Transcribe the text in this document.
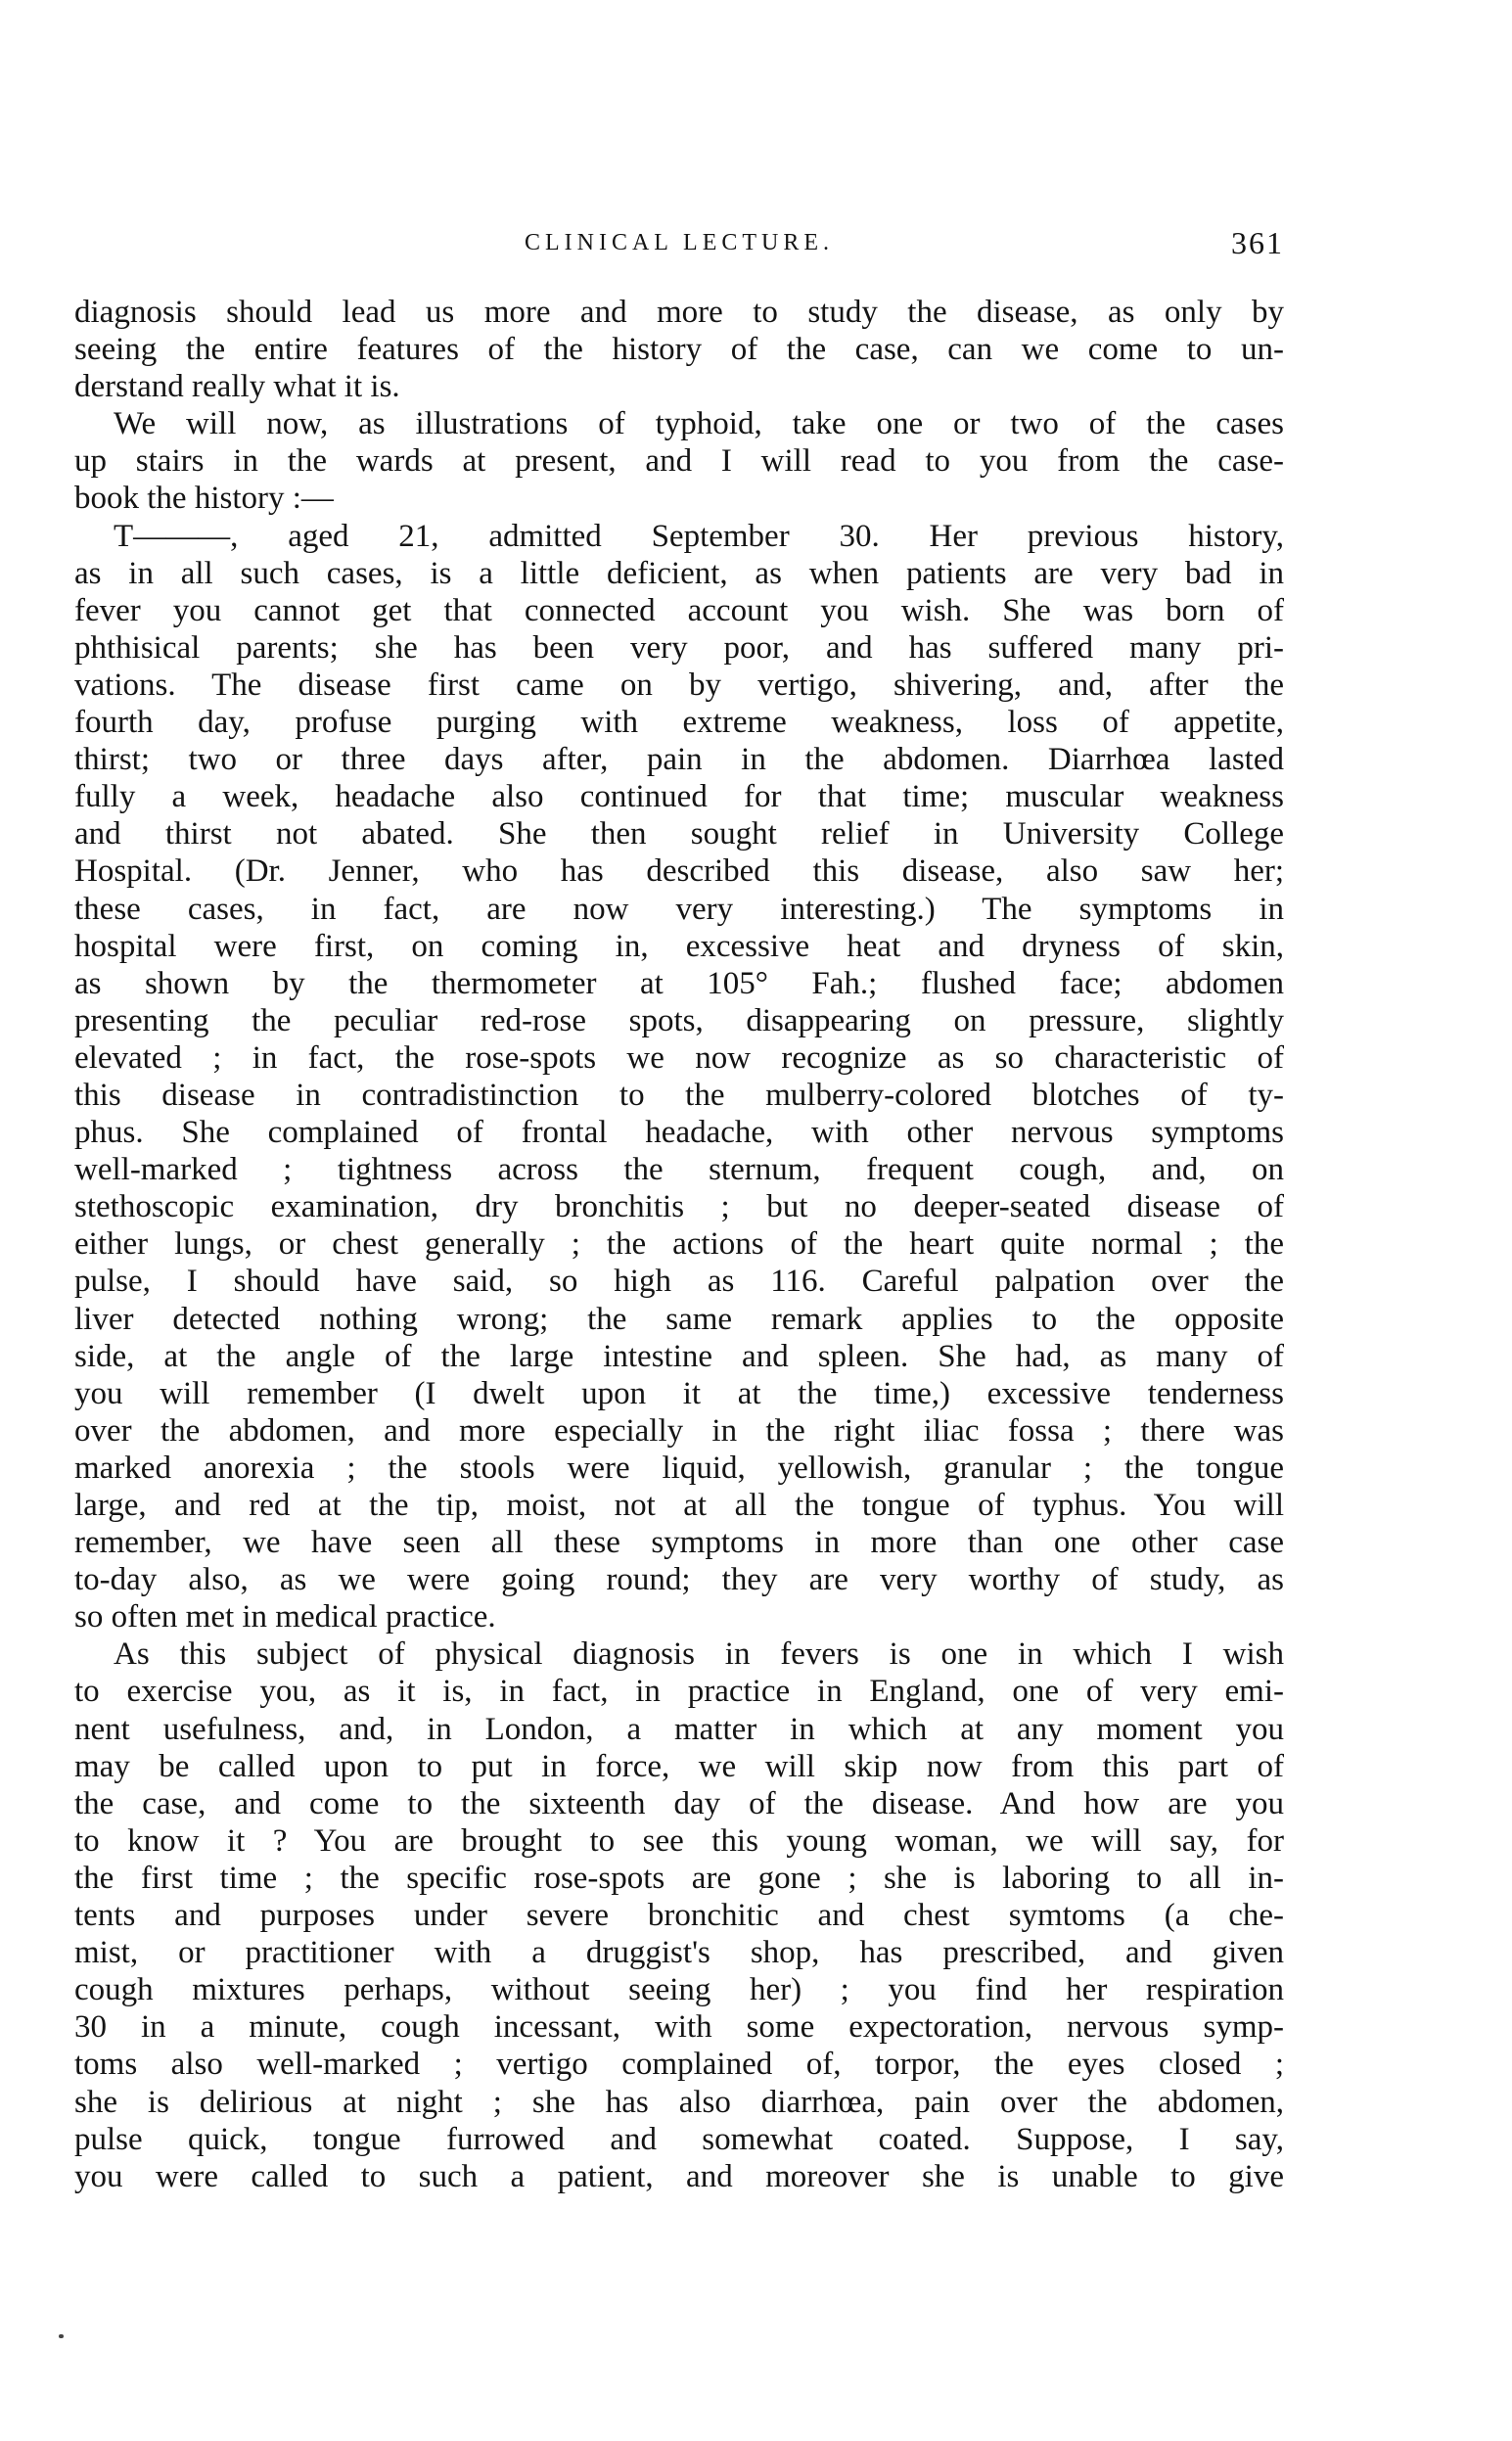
CLINICAL LECTURE.	361
diagnosis should lead us more and more to study the disease, as only by
seeing the entire features of the history of the case, can we come to un-
derstand really what it is.
We will now, as illustrations of typhoid, take one or two of the cases
up stairs in the wards at present, and I will read to you from the case-
book the history :—
T———, aged 21, admitted September 30. Her previous history,
as in all such cases, is a little deficient, as when patients are very bad in
fever you cannot get that connected account you wish. She was born of
phthisical parents; she has been very poor, and has suffered many pri-
vations. The disease first came on by vertigo, shivering, and, after the
fourth day, profuse purging with extreme weakness, loss of appetite,
thirst; two or three days after, pain in the abdomen. Diarrhœa lasted
fully a week, headache also continued for that time; muscular weakness
and thirst not abated. She then sought relief in University College
Hospital. (Dr. Jenner, who has described this disease, also saw her;
these cases, in fact, are now very interesting.) The symptoms in
hospital were first, on coming in, excessive heat and dryness of skin,
as shown by the thermometer at 105° Fah.; flushed face; abdomen
presenting the peculiar red-rose spots, disappearing on pressure, slightly
elevated ; in fact, the rose-spots we now recognize as so characteristic of
this disease in contradistinction to the mulberry-colored blotches of ty-
phus. She complained of frontal headache, with other nervous symptoms
well-marked ; tightness across the sternum, frequent cough, and, on
stethoscopic examination, dry bronchitis ; but no deeper-seated disease of
either lungs, or chest generally ; the actions of the heart quite normal ; the
pulse, I should have said, so high as 116. Careful palpation over the
liver detected nothing wrong; the same remark applies to the opposite
side, at the angle of the large intestine and spleen. She had, as many of
you will remember (I dwelt upon it at the time,) excessive tenderness
over the abdomen, and more especially in the right iliac fossa ; there was
marked anorexia ; the stools were liquid, yellowish, granular ; the tongue
large, and red at the tip, moist, not at all the tongue of typhus. You will
remember, we have seen all these symptoms in more than one other case
to-day also, as we were going round; they are very worthy of study, as
so often met in medical practice.
As this subject of physical diagnosis in fevers is one in which I wish
to exercise you, as it is, in fact, in practice in England, one of very emi-
nent usefulness, and, in London, a matter in which at any moment you
may be called upon to put in force, we will skip now from this part of
the case, and come to the sixteenth day of the disease. And how are you
to know it ? You are brought to see this young woman, we will say, for
the first time ; the specific rose-spots are gone ; she is laboring to all in-
tents and purposes under severe bronchitic and chest symtoms (a che-
mist, or practitioner with a druggist's shop, has prescribed, and given
cough mixtures perhaps, without seeing her) ; you find her respiration
30 in a minute, cough incessant, with some expectoration, nervous symp-
toms also well-marked ; vertigo complained of, torpor, the eyes closed ;
she is delirious at night ; she has also diarrhœa, pain over the abdomen,
pulse quick, tongue furrowed and somewhat coated. Suppose, I say,
you were called to such a patient, and moreover she is unable to give
